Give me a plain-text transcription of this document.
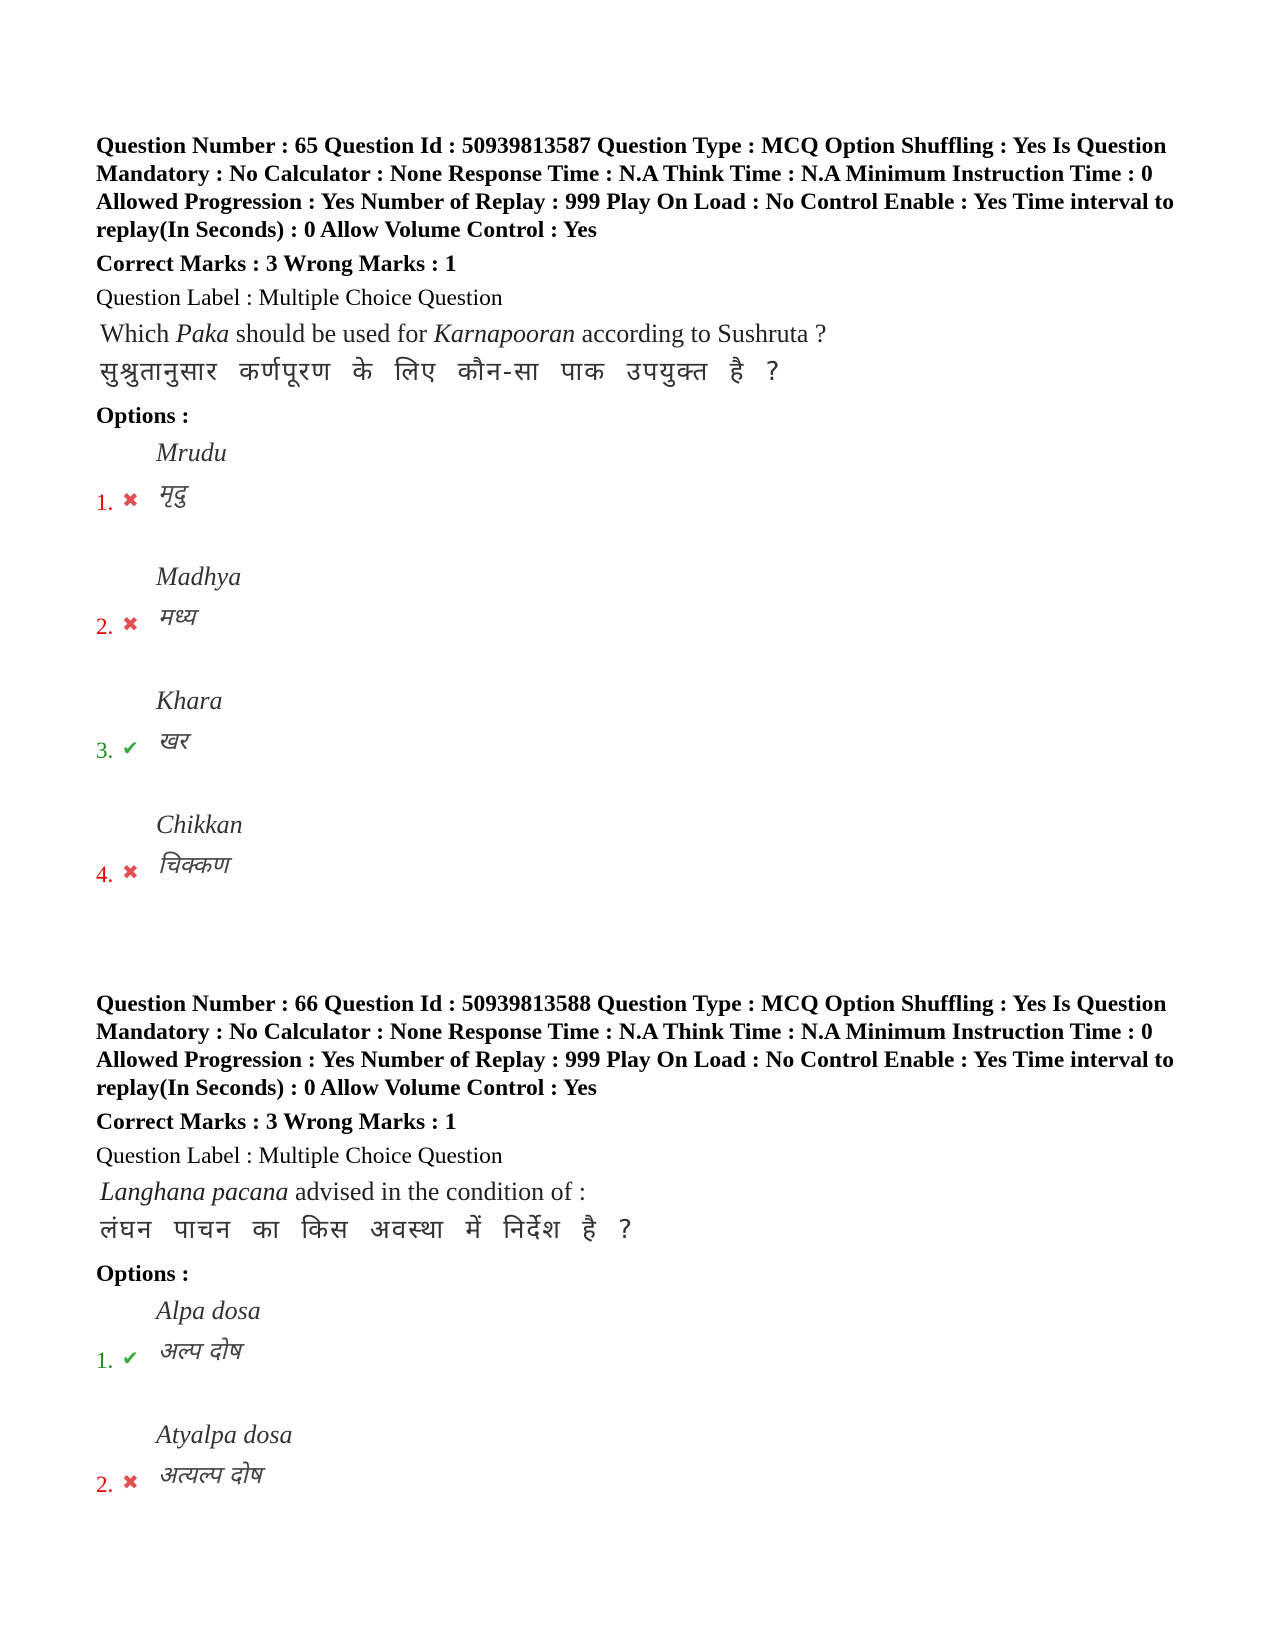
Question Number : 65 Question Id : 50939813587 Question Type : MCQ Option Shuffling : Yes Is Question Mandatory : No Calculator : None Response Time : N.A Think Time : N.A Minimum Instruction Time : 0 Allowed Progression : Yes Number of Replay : 999 Play On Load : No Control Enable : Yes Time interval to replay(In Seconds) : 0 Allow Volume Control : Yes

Correct Marks : 3 Wrong Marks : 1
Question Label : Multiple Choice Question
Which Paka should be used for Karnapooran according to Sushruta ?
सुश्रुतानुसार कर्णपूरण के लिए कौन-सा पाक उपयुक्त है ?
Options :
Mrudu
मृदु
1. ✖
Madhya
मध्य
2. ✖
Khara
खर
3. ✔
Chikkan
चिक्कण
4. ✖

Question Number : 66 Question Id : 50939813588 Question Type : MCQ Option Shuffling : Yes Is Question Mandatory : No Calculator : None Response Time : N.A Think Time : N.A Minimum Instruction Time : 0 Allowed Progression : Yes Number of Replay : 999 Play On Load : No Control Enable : Yes Time interval to replay(In Seconds) : 0 Allow Volume Control : Yes

Correct Marks : 3 Wrong Marks : 1
Question Label : Multiple Choice Question
Langhana pacana advised in the condition of :
लंघन पाचन का किस अवस्था में निर्देश है ?
Options :
Alpa dosa
अल्प दोष
1. ✔
Atyalpa dosa
अत्यल्प दोष
2. ✖
